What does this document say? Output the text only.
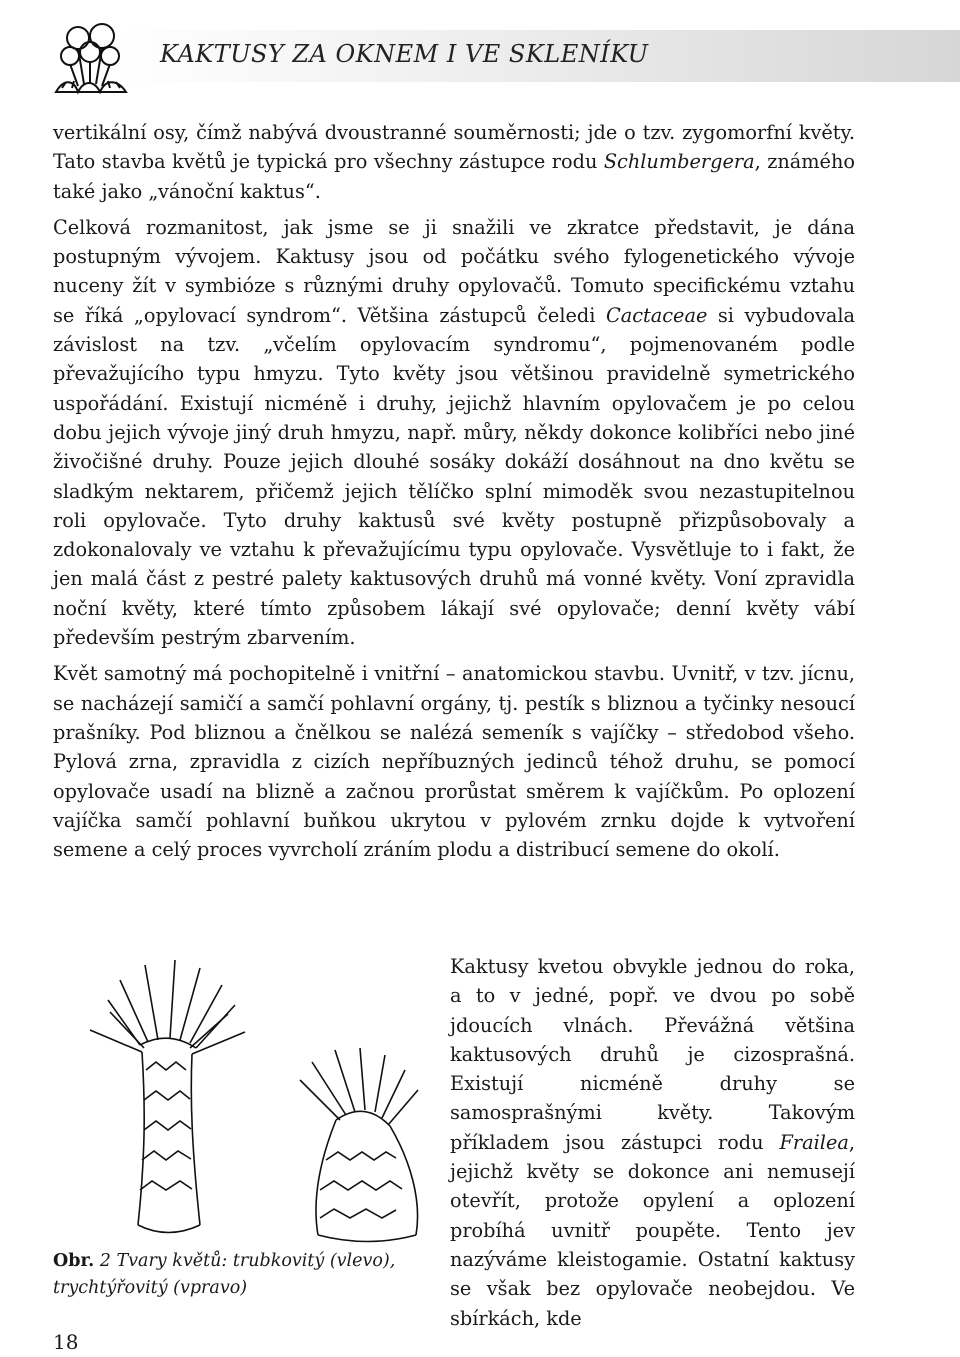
KAKTUSY ZA OKNEM I VE SKLENÍKU

vertikální osy, čímž nabývá dvoustranné souměrnosti; jde o tzv. zygomorfní květy. Tato stavba květů je typická pro všechny zástupce rodu Schlumbergera, známého také jako „vánoční kaktus“.

Celková rozmanitost, jak jsme se ji snažili ve zkratce představit, je dána postupným vývojem. Kaktusy jsou od počátku svého fylogenetického vývoje nuceny žít v symbióze s různými druhy opylovačů. Tomuto specifickému vztahu se říká „opylovací syndrom“. Většina zástupců čeledi Cactaceae si vybudovala závislost na tzv. „včelím opylovacím syndromu“, pojmenovaném podle převažujícího typu hmyzu. Tyto květy jsou většinou pravidelně symetrického uspořádání. Existují nicméně i druhy, jejichž hlavním opylovačem je po celou dobu jejich vývoje jiný druh hmyzu, např. můry, někdy dokonce kolibříci nebo jiné živočišné druhy. Pouze jejich dlouhé sosáky dokáží dosáhnout na dno květu se sladkým nektarem, přičemž jejich tělíčko splní mimoděk svou nezastupitelnou roli opylovače. Tyto druhy kaktusů své květy postupně přizpůsobovaly a zdokonalovaly ve vztahu k převažujícímu typu opylovače. Vysvětluje to i fakt, že jen malá část z pestré palety kaktusových druhů má vonné květy. Voní zpravidla noční květy, které tímto způsobem lákají své opylovače; denní květy vábí především pestrým zbarvením.

Květ samotný má pochopitelně i vnitřní – anatomickou stavbu. Uvnitř, v tzv. jícnu, se nacházejí samičí a samčí pohlavní orgány, tj. pestík s bliznou a tyčinky nesoucí prašníky. Pod bliznou a čnělkou se nalézá semeník s vajíčky – středobod všeho. Pylová zrna, zpravidla z cizích nepříbuzných jedinců téhož druhu, se pomocí opylovače usadí na blizně a začnou prorůstat směrem k vajíčkům. Po oplození vajíčka samčí pohlavní buňkou ukrytou v pylovém zrnku dojde k vytvoření semene a celý proces vyvrcholí zráním plodu a distribucí semene do okolí.

Obr. 2 Tvary květů: trubkovitý (vlevo), trychtýřovitý (vpravo)

Kaktusy kvetou obvykle jednou do roka, a to v jedné, popř. ve dvou po sobě jdoucích vlnách. Převážná většina kaktusových druhů je cizosprašná. Existují nicméně druhy se samosprašnými květy. Takovým příkladem jsou zástupci rodu Frailea, jejichž květy se dokonce ani nemusejí otevřít, protože opylení a oplození probíhá uvnitř poupěte. Tento jev nazýváme kleistogamie. Ostatní kaktusy se však bez opylovače neobejdou. Ve sbírkách, kde

18
